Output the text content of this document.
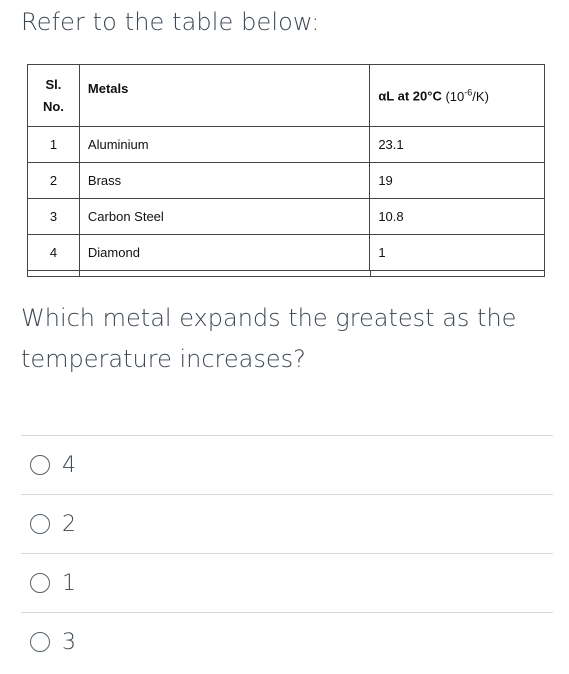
Refer to the table below:
Sl.
No.	Metals	αL at 20°C $(10^{-6}/K)$
1	Aluminium	23.1
2	Brass	19
3	Carbon Steel	10.8
4	Diamond	1
Which metal expands the greatest as the temperature increases?
4
2
1
3
